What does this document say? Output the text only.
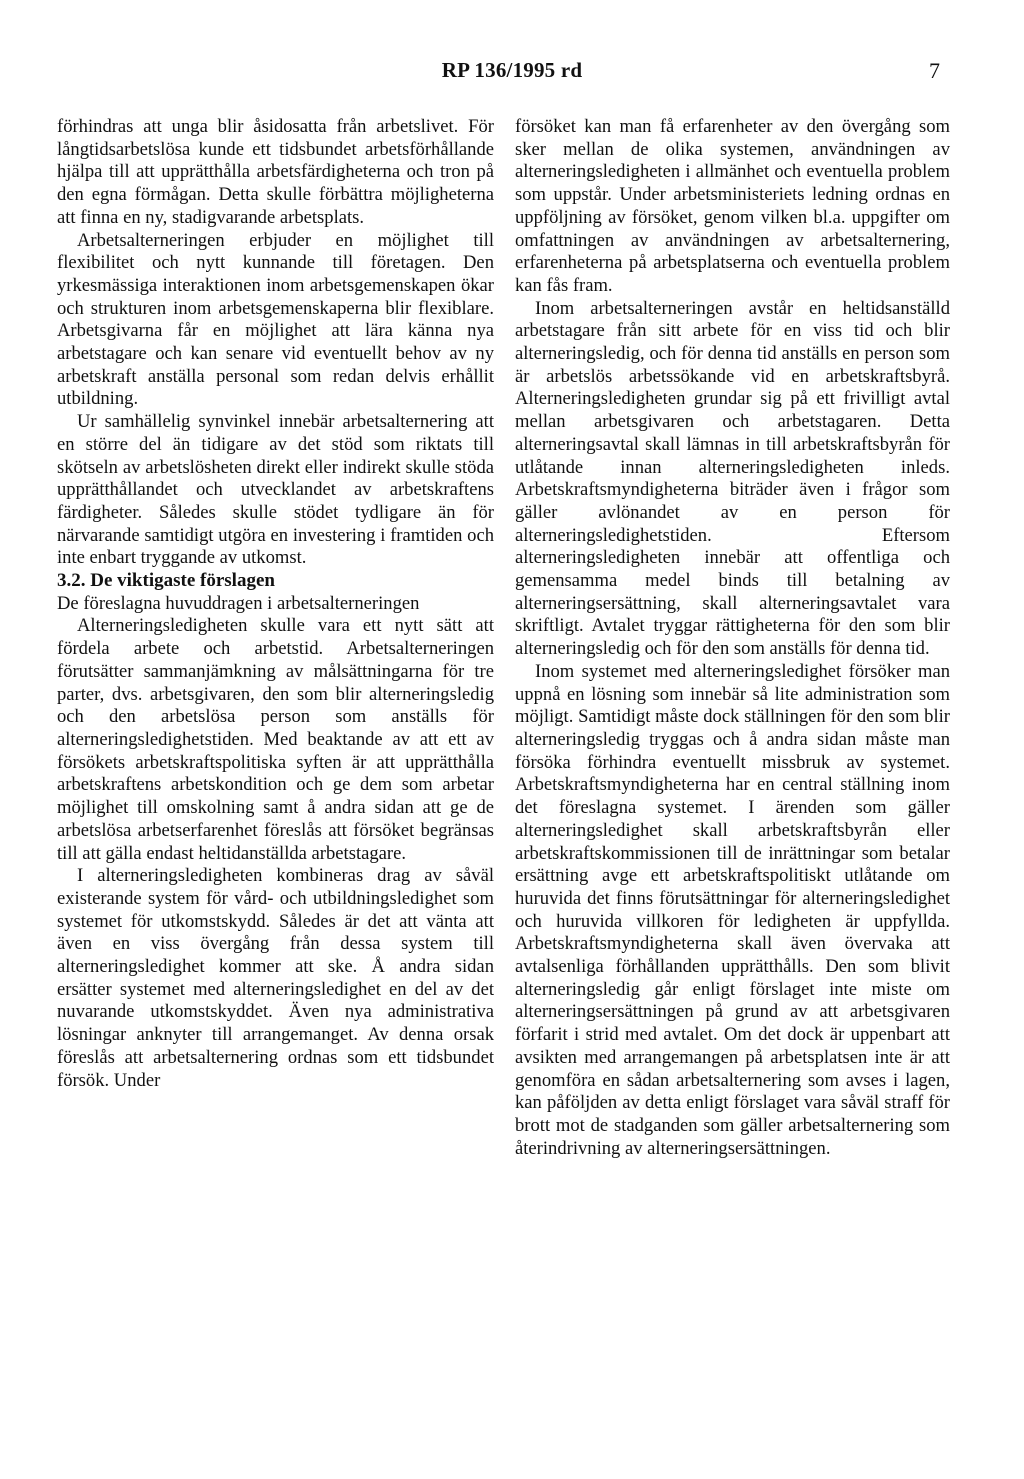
RP 136/1995 rd	7

förhindras att unga blir åsidosatta från arbetslivet. För långtidsarbetslösa kunde ett tidsbundet arbetsförhållande hjälpa till att upprätthålla arbetsfärdigheterna och tron på den egna förmågan. Detta skulle förbättra möjligheterna att finna en ny, stadigvarande arbetsplats.

Arbetsalterneringen erbjuder en möjlighet till flexibilitet och nytt kunnande till företagen. Den yrkesmässiga interaktionen inom arbetsgemenskapen ökar och strukturen inom arbetsgemenskaperna blir flexiblare. Arbetsgivarna får en möjlighet att lära känna nya arbetstagare och kan senare vid eventuellt behov av ny arbetskraft anställa personal som redan delvis erhållit utbildning.

Ur samhällelig synvinkel innebär arbetsalternering att en större del än tidigare av det stöd som riktats till skötseln av arbetslösheten direkt eller indirekt skulle stöda upprätthållandet och utvecklandet av arbetskraftens färdigheter. Således skulle stödet tydligare än för närvarande samtidigt utgöra en investering i framtiden och inte enbart tryggande av utkomst.

3.2. De viktigaste förslagen

De föreslagna huvuddragen i arbetsalterneringen

Alterneringsledigheten skulle vara ett nytt sätt att fördela arbete och arbetstid. Arbetsalterneringen förutsätter sammanjämkning av målsättningarna för tre parter, dvs. arbetsgivaren, den som blir alterneringsledig och den arbetslösa person som anställs för alterneringsledighetstiden. Med beaktande av att ett av försökets arbetskraftspolitiska syften är att upprätthålla arbetskraftens arbetskondition och ge dem som arbetar möjlighet till omskolning samt å andra sidan att ge de arbetslösa arbetserfarenhet föreslås att försöket begränsas till att gälla endast heltidanställda arbetstagare.

I alterneringsledigheten kombineras drag av såväl existerande system för vård- och utbildningsledighet som systemet för utkomstskydd. Således är det att vänta att även en viss övergång från dessa system till alterneringsledighet kommer att ske. Å andra sidan ersätter systemet med alterneringsledighet en del av det nuvarande utkomstskyddet. Även nya administrativa lösningar anknyter till arrangemanget. Av denna orsak föreslås att arbetsalternering ordnas som ett tidsbundet försök. Under

försöket kan man få erfarenheter av den övergång som sker mellan de olika systemen, användningen av alterneringsledigheten i allmänhet och eventuella problem som uppstår. Under arbetsministeriets ledning ordnas en uppföljning av försöket, genom vilken bl.a. uppgifter om omfattningen av användningen av arbetsalternering, erfarenheterna på arbetsplatserna och eventuella problem kan fås fram.

Inom arbetsalterneringen avstår en heltidsanställd arbetstagare från sitt arbete för en viss tid och blir alterneringsledig, och för denna tid anställs en person som är arbetslös arbetssökande vid en arbetskraftsbyrå. Alterneringsledigheten grundar sig på ett frivilligt avtal mellan arbetsgivaren och arbetstagaren. Detta alterneringsavtal skall lämnas in till arbetskraftsbyrån för utlåtande innan alterneringsledigheten inleds. Arbetskraftsmyndigheterna biträder även i frågor som gäller avlönandet av en person för alterneringsledighetstiden. Eftersom alterneringsledigheten innebär att offentliga och gemensamma medel binds till betalning av alterneringsersättning, skall alterneringsavtalet vara skriftligt. Avtalet tryggar rättigheterna för den som blir alterneringsledig och för den som anställs för denna tid.

Inom systemet med alterneringsledighet försöker man uppnå en lösning som innebär så lite administration som möjligt. Samtidigt måste dock ställningen för den som blir alterneringsledig tryggas och å andra sidan måste man försöka förhindra eventuellt missbruk av systemet. Arbetskraftsmyndigheterna har en central ställning inom det föreslagna systemet. I ärenden som gäller alterneringsledighet skall arbetskraftsbyrån eller arbetskraftskommissionen till de inrättningar som betalar ersättning avge ett arbetskraftspolitiskt utlåtande om huruvida det finns förutsättningar för alterneringsledighet och huruvida villkoren för ledigheten är uppfyllda. Arbetskraftsmyndigheterna skall även övervaka att avtalsenliga förhållanden upprätthålls. Den som blivit alterneringsledig går enligt förslaget inte miste om alterneringsersättningen på grund av att arbetsgivaren förfarit i strid med avtalet. Om det dock är uppenbart att avsikten med arrangemangen på arbetsplatsen inte är att genomföra en sådan arbetsalternering som avses i lagen, kan påföljden av detta enligt förslaget vara såväl straff för brott mot de stadganden som gäller arbetsalternering som återindrivning av alterneringsersättningen.
